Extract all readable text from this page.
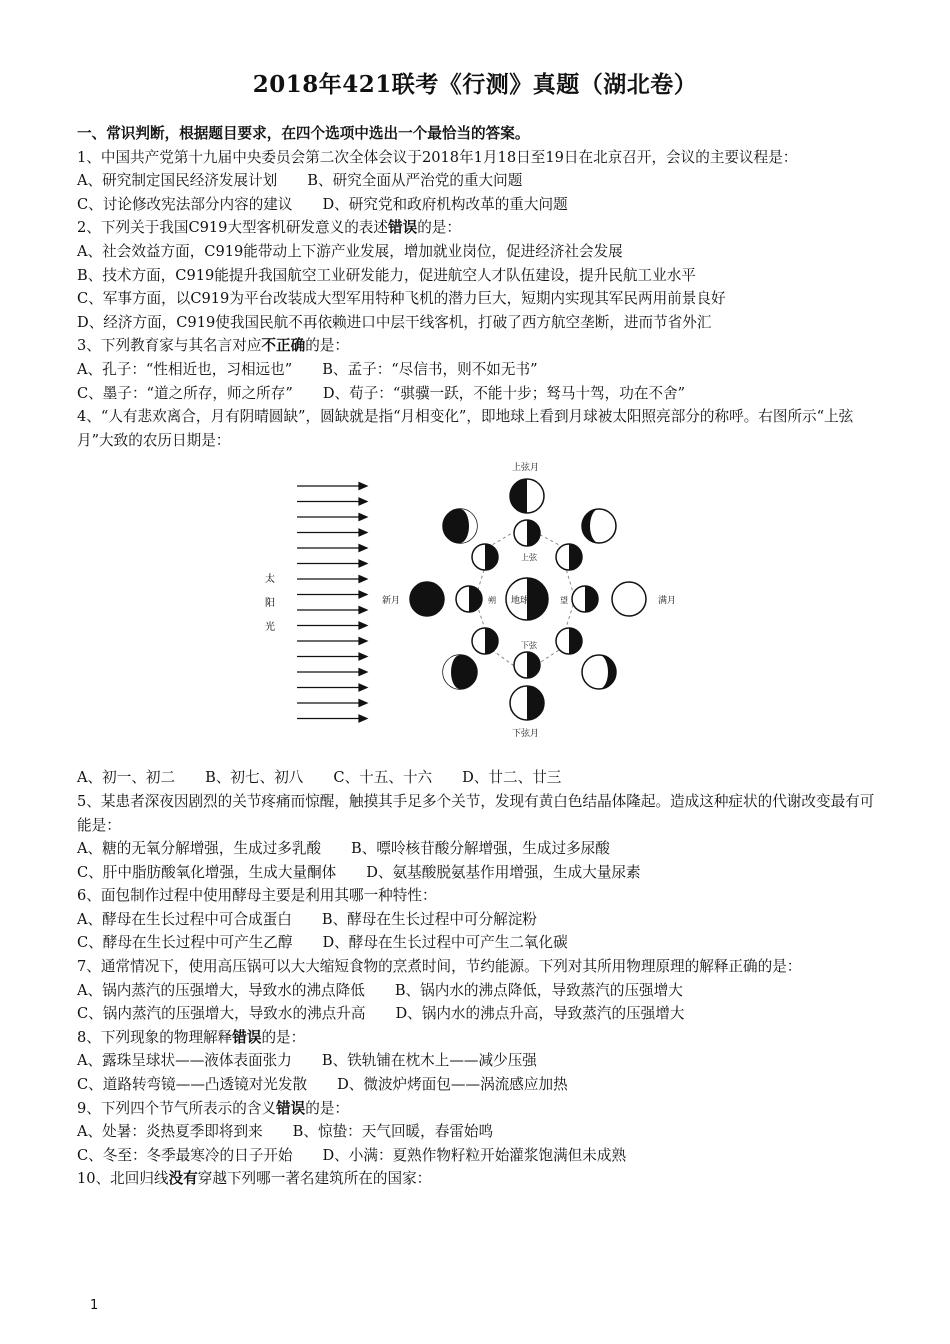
2018年421联考《行测》真题（湖北卷）
一、常识判断，根据题目要求，在四个选项中选出一个最恰当的答案。
1、中国共产党第十九届中央委员会第二次全体会议于2018年1月18日至19日在北京召开，会议的主要议程是：
A、研究制定国民经济发展计划 B、研究全面从严治党的重大问题
C、讨论修改宪法部分内容的建议 D、研究党和政府机构改革的重大问题
2、下列关于我国C919大型客机研发意义的表述错误的是：
A、社会效益方面，C919能带动上下游产业发展，增加就业岗位，促进经济社会发展
B、技术方面，C919能提升我国航空工业研发能力，促进航空人才队伍建设，提升民航工业水平
C、军事方面，以C919为平台改装成大型军用特种飞机的潜力巨大，短期内实现其军民两用前景良好
D、经济方面，C919使我国民航不再依赖进口中层干线客机，打破了西方航空垄断，进而节省外汇
3、下列教育家与其名言对应不正确的是：
A、孔子：“性相近也，习相远也” B、孟子：“尽信书，则不如无书”
C、墨子：“道之所存，师之所存” D、荀子：“骐骥一跃，不能十步；驽马十驾，功在不舍”
4、“人有悲欢离合，月有阴晴圆缺”，圆缺就是指“月相变化”，即地球上看到月球被太阳照亮部分的称呼。右图所示“上弦月”大致的农历日期是：
太
阳
光
地球
上弦
下弦
朔	望
上弦月
下弦月
新月	满月
A、初一、初二 B、初七、初八 C、十五、十六 D、廿二、廿三
5、某患者深夜因剧烈的关节疼痛而惊醒，触摸其手足多个关节，发现有黄白色结晶体隆起。造成这种症状的代谢改变最有可能是：
A、糖的无氧分解增强，生成过多乳酸 B、嘌呤核苷酸分解增强，生成过多尿酸
C、肝中脂肪酸氧化增强，生成大量酮体 D、氨基酸脱氨基作用增强，生成大量尿素
6、面包制作过程中使用酵母主要是利用其哪一种特性：
A、酵母在生长过程中可合成蛋白 B、酵母在生长过程中可分解淀粉
C、酵母在生长过程中可产生乙醇 D、酵母在生长过程中可产生二氧化碳
7、通常情况下，使用高压锅可以大大缩短食物的烹煮时间，节约能源。下列对其所用物理原理的解释正确的是：
A、锅内蒸汽的压强增大，导致水的沸点降低 B、锅内水的沸点降低，导致蒸汽的压强增大
C、锅内蒸汽的压强增大，导致水的沸点升高 D、锅内水的沸点升高，导致蒸汽的压强增大
8、下列现象的物理解释错误的是：
A、露珠呈球状——液体表面张力 B、铁轨铺在枕木上——减少压强
C、道路转弯镜——凸透镜对光发散 D、微波炉烤面包——涡流感应加热
9、下列四个节气所表示的含义错误的是：
A、处暑：炎热夏季即将到来 B、惊蛰：天气回暖，春雷始鸣
C、冬至：冬季最寒冷的日子开始 D、小满：夏熟作物籽粒开始灌浆饱满但未成熟
10、北回归线没有穿越下列哪一著名建筑所在的国家：
1
